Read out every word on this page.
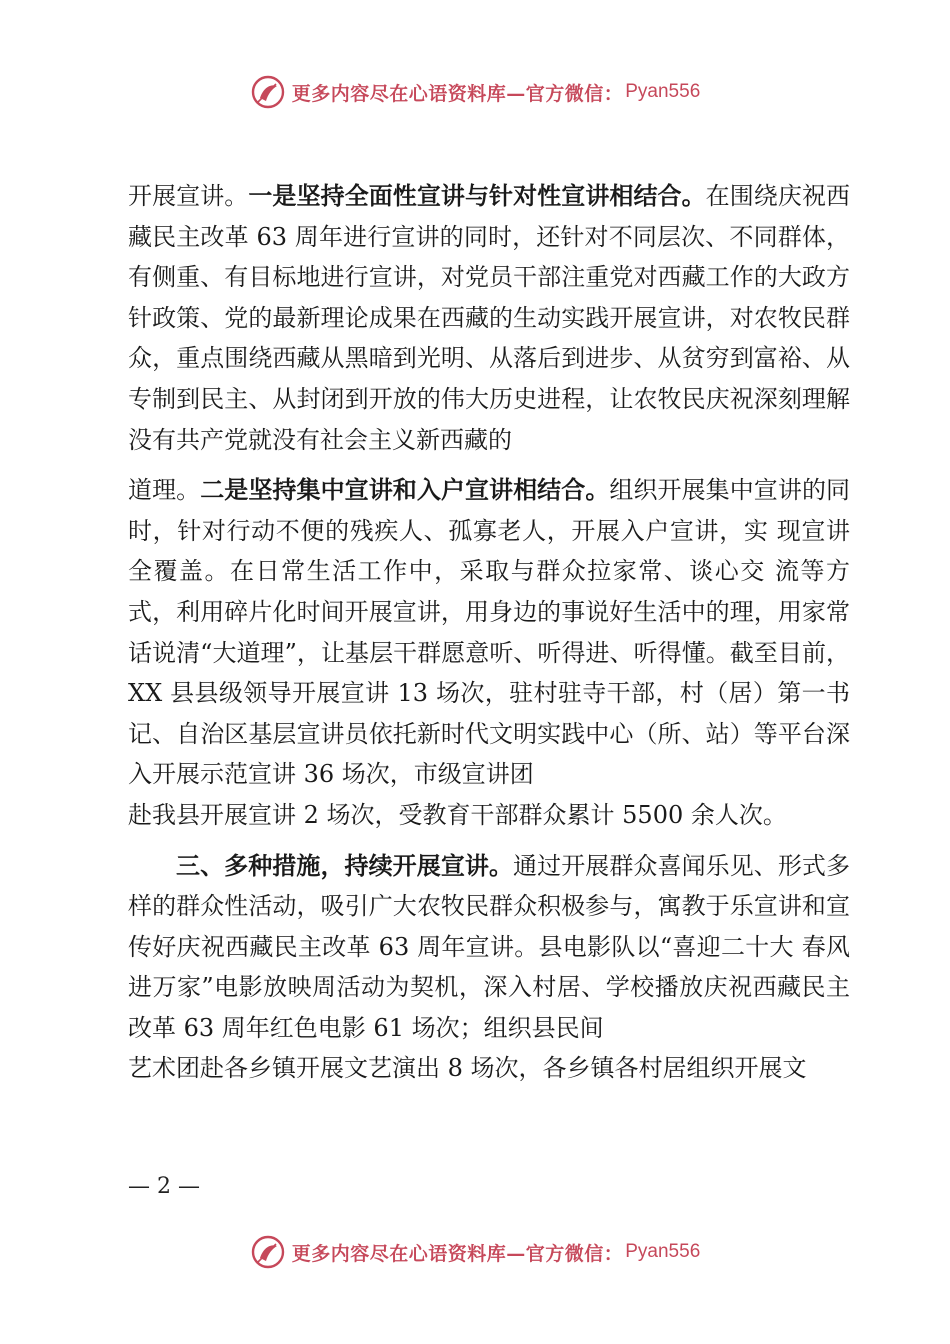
更多内容尽在心语资料库—官方微信： Pyan556

开展宣讲。一是坚持全面性宣讲与针对性宣讲相结合。在围绕庆祝西藏民主改革 63 周年进行宣讲的同时，还针对不同层次、不同群体，有侧重、有目标地进行宣讲，对党员干部注重党对西藏工作的大政方针政策、党的最新理论成果在西藏的生动实践开展宣讲，对农牧民群众，重点围绕西藏从黑暗到光明、从落后到进步、从贫穷到富裕、从专制到民主、从封闭到开放的伟大历史进程，让农牧民庆祝深刻理解没有共产党就没有社会主义新西藏的

道理。二是坚持集中宣讲和入户宣讲相结合。组织开展集中宣讲的同时，针对行动不便的残疾人、孤寡老人，开展入户宣讲，实 现宣讲全覆盖。在日常生活工作中，采取与群众拉家常、谈心交 流等方式，利用碎片化时间开展宣讲，用身边的事说好生活中的理，用家常话说清“大道理”，让基层干群愿意听、听得进、听得懂。截至目前，XX 县县级领导开展宣讲 13 场次，驻村驻寺干部，村（居）第一书记、自治区基层宣讲员依托新时代文明实践中心（所、站）等平台深入开展示范宣讲 36 场次，市级宣讲团

赴我县开展宣讲 2 场次，受教育干部群众累计 5500 余人次。

三、多种措施，持续开展宣讲。通过开展群众喜闻乐见、形式多样的群众性活动，吸引广大农牧民群众积极参与，寓教于乐宣讲和宣传好庆祝西藏民主改革 63 周年宣讲。县电影队以“喜迎二十大 春风进万家”电影放映周活动为契机，深入村居、学校播放庆祝西藏民主改革 63 周年红色电影 61 场次；组织县民间

艺术团赴各乡镇开展文艺演出 8 场次，各乡镇各村居组织开展文

— 2 —
更多内容尽在心语资料库—官方微信： Pyan556
